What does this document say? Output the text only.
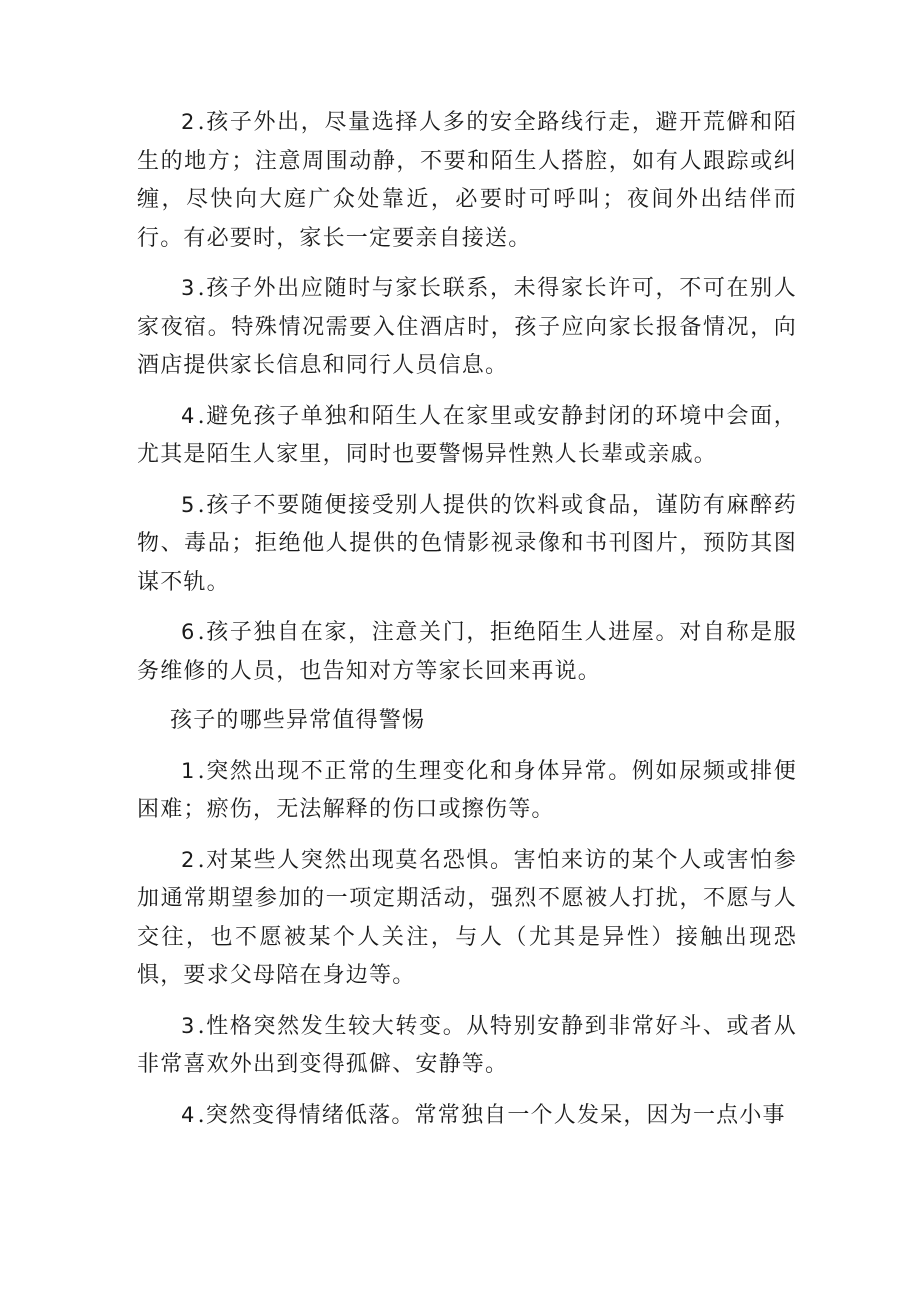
2.孩子外出，尽量选择人多的安全路线行走，避开荒僻和陌生的地方；注意周围动静，不要和陌生人搭腔，如有人跟踪或纠缠，尽快向大庭广众处靠近，必要时可呼叫；夜间外出结伴而行。有必要时，家长一定要亲自接送。

3.孩子外出应随时与家长联系，未得家长许可，不可在别人家夜宿。特殊情况需要入住酒店时，孩子应向家长报备情况，向酒店提供家长信息和同行人员信息。

4.避免孩子单独和陌生人在家里或安静封闭的环境中会面，尤其是陌生人家里，同时也要警惕异性熟人长辈或亲戚。

5.孩子不要随便接受别人提供的饮料或食品，谨防有麻醉药物、毒品；拒绝他人提供的色情影视录像和书刊图片，预防其图谋不轨。

6.孩子独自在家，注意关门，拒绝陌生人进屋。对自称是服务维修的人员，也告知对方等家长回来再说。

孩子的哪些异常值得警惕

1.突然出现不正常的生理变化和身体异常。例如尿频或排便困难；瘀伤，无法解释的伤口或擦伤等。

2.对某些人突然出现莫名恐惧。害怕来访的某个人或害怕参加通常期望参加的一项定期活动，强烈不愿被人打扰，不愿与人交往，也不愿被某个人关注，与人（尤其是异性）接触出现恐惧，要求父母陪在身边等。

3.性格突然发生较大转变。从特别安静到非常好斗、或者从非常喜欢外出到变得孤僻、安静等。

4.突然变得情绪低落。常常独自一个人发呆，因为一点小事
